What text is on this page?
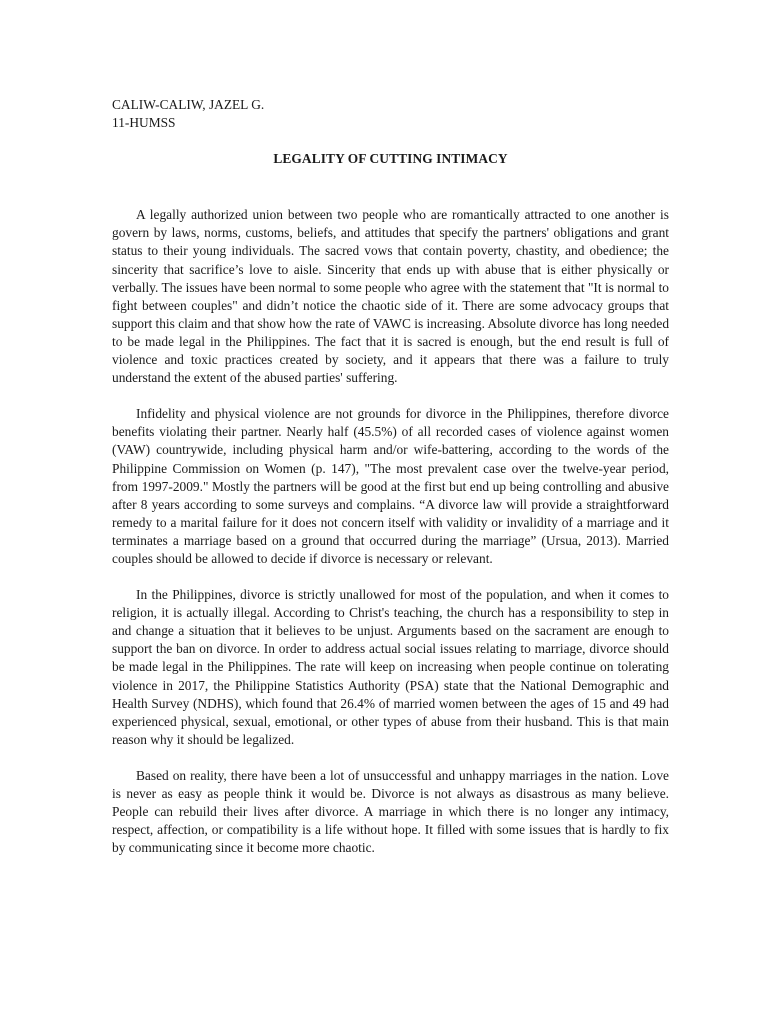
CALIW-CALIW, JAZEL G.

11-HUMSS

LEGALITY OF CUTTING INTIMACY

A legally authorized union between two people who are romantically attracted to one another is govern by laws, norms, customs, beliefs, and attitudes that specify the partners' obligations and grant status to their young individuals. The sacred vows that contain poverty, chastity, and obedience; the sincerity that sacrifice’s love to aisle. Sincerity that ends up with abuse that is either physically or verbally. The issues have been normal to some people who agree with the statement that "It is normal to fight between couples" and didn’t notice the chaotic side of it. There are some advocacy groups that support this claim and that show how the rate of VAWC is increasing. Absolute divorce has long needed to be made legal in the Philippines. The fact that it is sacred is enough, but the end result is full of violence and toxic practices created by society, and it appears that there was a failure to truly understand the extent of the abused parties' suffering.

Infidelity and physical violence are not grounds for divorce in the Philippines, therefore divorce benefits violating their partner. Nearly half (45.5%) of all recorded cases of violence against women (VAW) countrywide, including physical harm and/or wife-battering, according to the words of the Philippine Commission on Women (p. 147), "The most prevalent case over the twelve-year period, from 1997-2009." Mostly the partners will be good at the first but end up being controlling and abusive after 8 years according to some surveys and complains. “A divorce law will provide a straightforward remedy to a marital failure for it does not concern itself with validity or invalidity of a marriage and it terminates a marriage based on a ground that occurred during the marriage” (Ursua, 2013). Married couples should be allowed to decide if divorce is necessary or relevant.

In the Philippines, divorce is strictly unallowed for most of the population, and when it comes to religion, it is actually illegal. According to Christ's teaching, the church has a responsibility to step in and change a situation that it believes to be unjust. Arguments based on the sacrament are enough to support the ban on divorce. In order to address actual social issues relating to marriage, divorce should be made legal in the Philippines. The rate will keep on increasing when people continue on tolerating violence in 2017, the Philippine Statistics Authority (PSA) state that the National Demographic and Health Survey (NDHS), which found that 26.4% of married women between the ages of 15 and 49 had experienced physical, sexual, emotional, or other types of abuse from their husband. This is that main reason why it should be legalized.

Based on reality, there have been a lot of unsuccessful and unhappy marriages in the nation. Love is never as easy as people think it would be. Divorce is not always as disastrous as many believe. People can rebuild their lives after divorce. A marriage in which there is no longer any intimacy, respect, affection, or compatibility is a life without hope. It filled with some issues that is hardly to fix by communicating since it become more chaotic.
